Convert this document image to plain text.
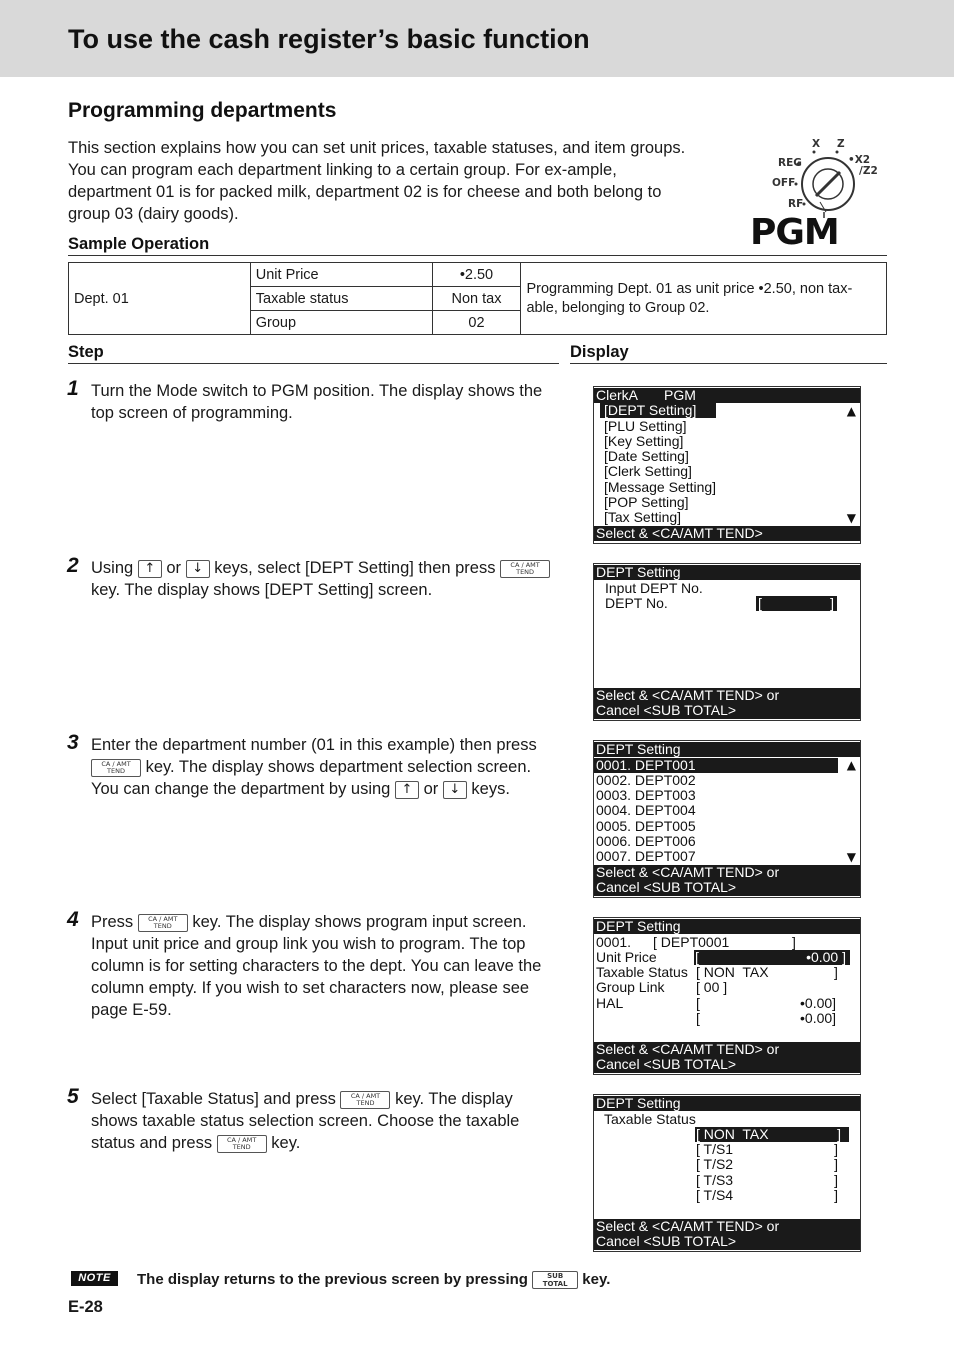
To use the cash register’s basic function
Programming departments

This section explains how you can set unit prices, taxable statuses, and item groups. You can program each department linking to a certain group. For ex-ample, department 01 is for packed milk, department 02 is for cheese and both belong to group 03 (dairy goods).

X Z
REG	•X2
/Z2
OFF
RF
PGM
Sample Operation
Dept. 01	Unit Price	•2.50	Programming Dept. 01 as unit price •2.50, non tax-able, belonging to Group 02.
	Taxable status	Non tax	
	Group	02	
Step	Display
1 Turn the Mode switch to PGM position. The display shows the top screen of programming.

2 Using ↑ or ↓ keys, select [DEPT Setting] then press CA / AMT
TEND key. The display shows [DEPT Setting] screen.

3 Enter the department number (01 in this example) then press CA / AMT
TEND key. The display shows department selection screen. You can change the department by using ↑ or ↓ keys.

4 Press CA / AMT
TEND key. The display shows program input screen. Input unit price and group link you wish to program. The top column is for setting characters to the dept. You can leave the column empty. If you wish to set characters now, please see page E-59.

5 Select [Taxable Status] and press CA / AMT
TEND key. The display shows taxable status selection screen. Choose the taxable status and press CA / AMT
TEND key.

ClerkA PGM
[DEPT Setting]
[PLU Setting]
[Key Setting]
[Date Setting]
[Clerk Setting]
[Message Setting]
[POP Setting]
[Tax Setting]
▲
▼
Select & <CA/AMT TEND>
DEPT Setting
Input DEPT No.
DEPT No.	[	]
Select & <CA/AMT TEND> or
Cancel <SUB TOTAL>
DEPT Setting
0001. DEPT001
0002. DEPT002
0003. DEPT003
0004. DEPT004
0005. DEPT005
0006. DEPT006
0007. DEPT007
▲
▼
Select & <CA/AMT TEND> or
Cancel <SUB TOTAL>
DEPT Setting
0001. [ DEPT0001	]
Unit Price	[	•0.00 ]
Taxable Status [ NON  TAX	]
Group Link [ 00 ]
HAL	[	•0.00]
[	•0.00]
Select & <CA/AMT TEND> or
Cancel <SUB TOTAL>
DEPT Setting
Taxable Status
[ NON  TAX	]
[ T/S1	]
[ T/S2	]
[ T/S3	]
[ T/S4	]
Select & <CA/AMT TEND> or
Cancel <SUB TOTAL>
NOTE	The display returns to the previous screen by pressing	SUB
TOTAL key.
E-28
